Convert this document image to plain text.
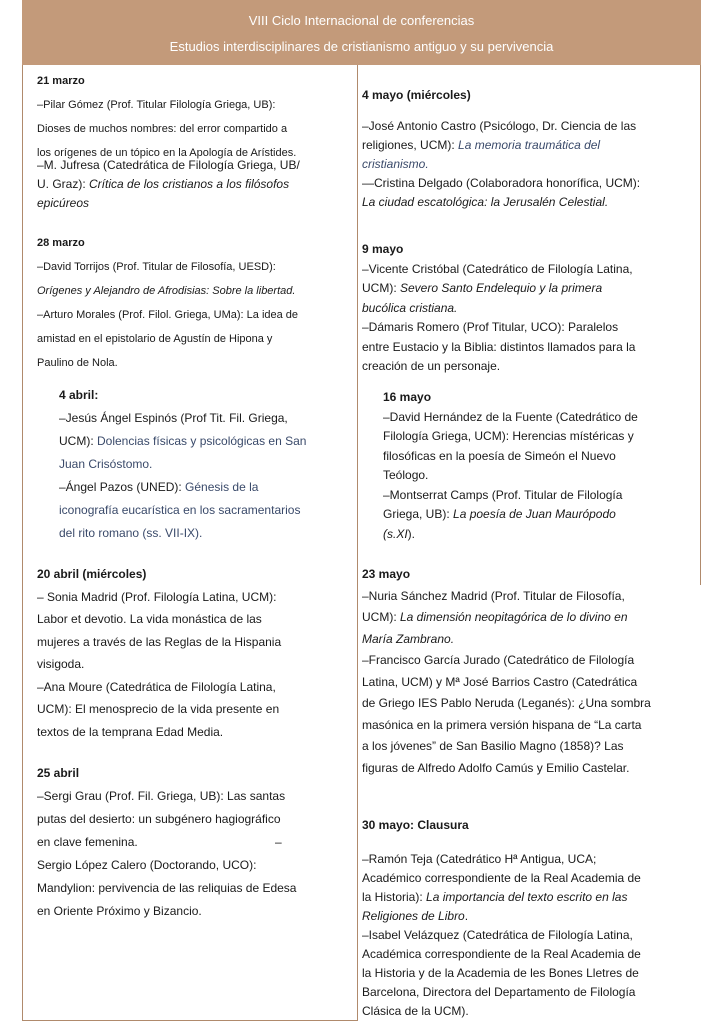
VIII Ciclo Internacional de conferencias
Estudios interdisciplinares de cristianismo antiguo y su pervivencia

21 marzo

–Pilar Gómez (Prof. Titular Filología Griega, UB):

Dioses de muchos nombres: del error compartido a

los orígenes de un tópico en la Apología de Arístides.

–M. Jufresa (Catedrática de Filología Griega, UB/

U. Graz): Crítica de los cristianos a los filósofos

epicúreos

28 marzo

–David Torrijos (Prof. Titular de Filosofía, UESD):

Orígenes y Alejandro de Afrodisias: Sobre la libertad.

–Arturo Morales (Prof. Filol. Griega, UMa): La idea de

amistad en el epistolario de Agustín de Hipona y

Paulino de Nola.

4 abril:

–Jesús Ángel Espinós (Prof Tit. Fil. Griega,

UCM): Dolencias físicas y psicológicas en San

Juan Crisóstomo.

–Ángel Pazos (UNED): Génesis de la

iconografía eucarística en los sacramentarios

del rito romano (ss. VII-IX).

20 abril (miércoles)

– Sonia Madrid (Prof. Filología Latina, UCM):

Labor et devotio. La vida monástica de las

mujeres a través de las Reglas de la Hispania

visigoda.

–Ana Moure (Catedrática de Filología Latina,

UCM): El menosprecio de la vida presente en

textos de la temprana Edad Media.

25 abril

–Sergi Grau (Prof. Fil. Griega, UB): Las santas

putas del desierto: un subgénero hagiográfico

en clave femenina.	–

Sergio López Calero (Doctorando, UCO):

Mandylion: pervivencia de las reliquias de Edesa

en Oriente Próximo y Bizancio.

4 mayo (miércoles)

–José Antonio Castro (Psicólogo, Dr. Ciencia de las

religiones, UCM): La memoria traumática del

cristianismo.

—Cristina Delgado (Colaboradora honorífica, UCM):

La ciudad escatológica: la Jerusalén Celestial.

9 mayo

–Vicente Cristóbal (Catedrático de Filología Latina,

UCM): Severo Santo Endelequio y la primera

bucólica cristiana.

–Dámaris Romero (Prof Titular, UCO): Paralelos

entre Eustacio y la Biblia: distintos llamados para la

creación de un personaje.

16 mayo

–David Hernández de la Fuente (Catedrático de

Filología Griega, UCM): Herencias místéricas y

filosóficas en la poesía de Simeón el Nuevo

Teólogo.

–Montserrat Camps (Prof. Titular de Filología

Griega, UB): La poesía de Juan Maurópodo

(s.XI).

23 mayo

–Nuria Sánchez Madrid (Prof. Titular de Filosofía,

UCM): La dimensión neopitagórica de lo divino en

María Zambrano.

–Francisco García Jurado (Catedrático de Filología

Latina, UCM) y Mª José Barrios Castro (Catedrática

de Griego IES Pablo Neruda (Leganés): ¿Una sombra

masónica en la primera versión hispana de “La carta

a los jóvenes” de San Basilio Magno (1858)? Las

figuras de Alfredo Adolfo Camús y Emilio Castelar.

30 mayo: Clausura

–Ramón Teja (Catedrático Hª Antigua, UCA;

Académico correspondiente de la Real Academia de

la Historia): La importancia del texto escrito en las

Religiones de Libro.

–Isabel Velázquez (Catedrática de Filología Latina,

Académica correspondiente de la Real Academia de

la Historia y de la Academia de les Bones Lletres de

Barcelona, Directora del Departamento de Filología

Clásica de la UCM).
